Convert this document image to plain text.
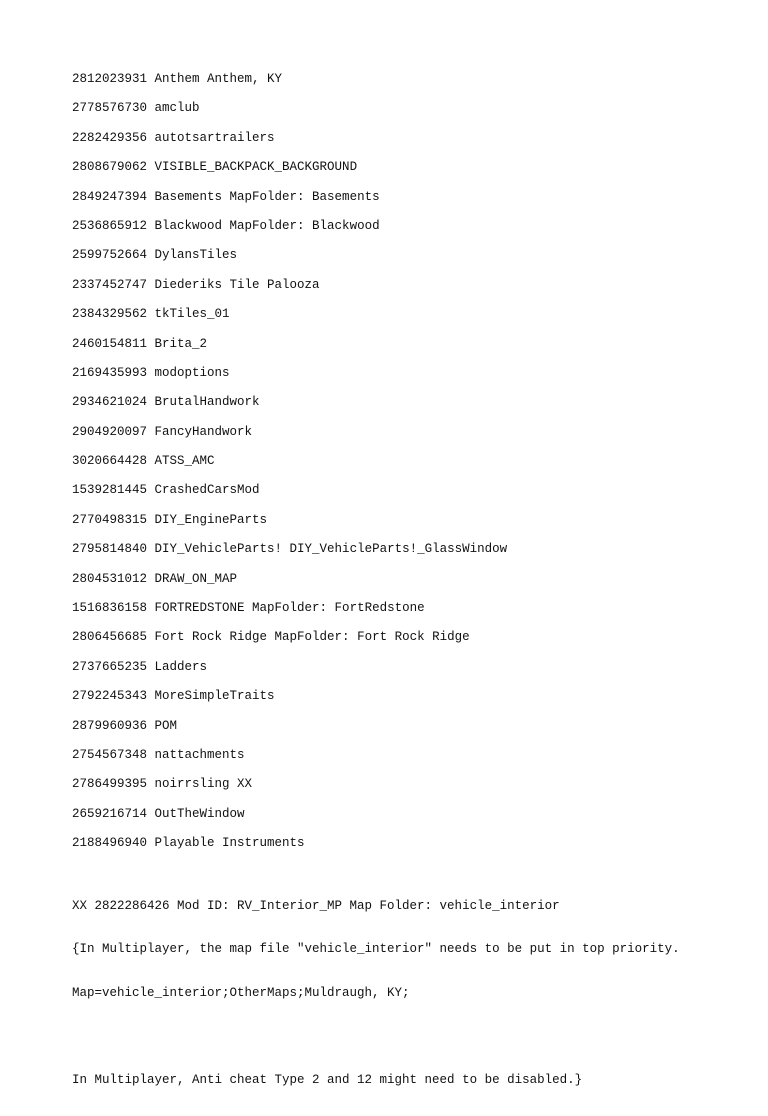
2812023931 Anthem Anthem, KY
2778576730 amclub
2282429356 autotsartrailers
2808679062 VISIBLE_BACKPACK_BACKGROUND
2849247394 Basements MapFolder: Basements
2536865912 Blackwood MapFolder: Blackwood
2599752664 DylansTiles
2337452747 Diederiks Tile Palooza
2384329562 tkTiles_01
2460154811 Brita_2
2169435993 modoptions
2934621024 BrutalHandwork
2904920097 FancyHandwork
3020664428 ATSS_AMC
1539281445 CrashedCarsMod
2770498315 DIY_EngineParts
2795814840 DIY_VehicleParts! DIY_VehicleParts!_GlassWindow
2804531012 DRAW_ON_MAP
1516836158 FORTREDSTONE MapFolder: FortRedstone
2806456685 Fort Rock Ridge MapFolder: Fort Rock Ridge
2737665235 Ladders
2792245343 MoreSimpleTraits
2879960936 POM
2754567348 nattachments
2786499395 noirrsling XX
2659216714 OutTheWindow
2188496940 Playable Instruments

XX 2822286426 Mod ID: RV_Interior_MP Map Folder: vehicle_interior

{In Multiplayer, the map file "vehicle_interior" needs to be put in top priority.

Map=vehicle_interior;OtherMaps;Muldraugh, KY;

In Multiplayer, Anti cheat Type 2 and 12 might need to be disabled.}
